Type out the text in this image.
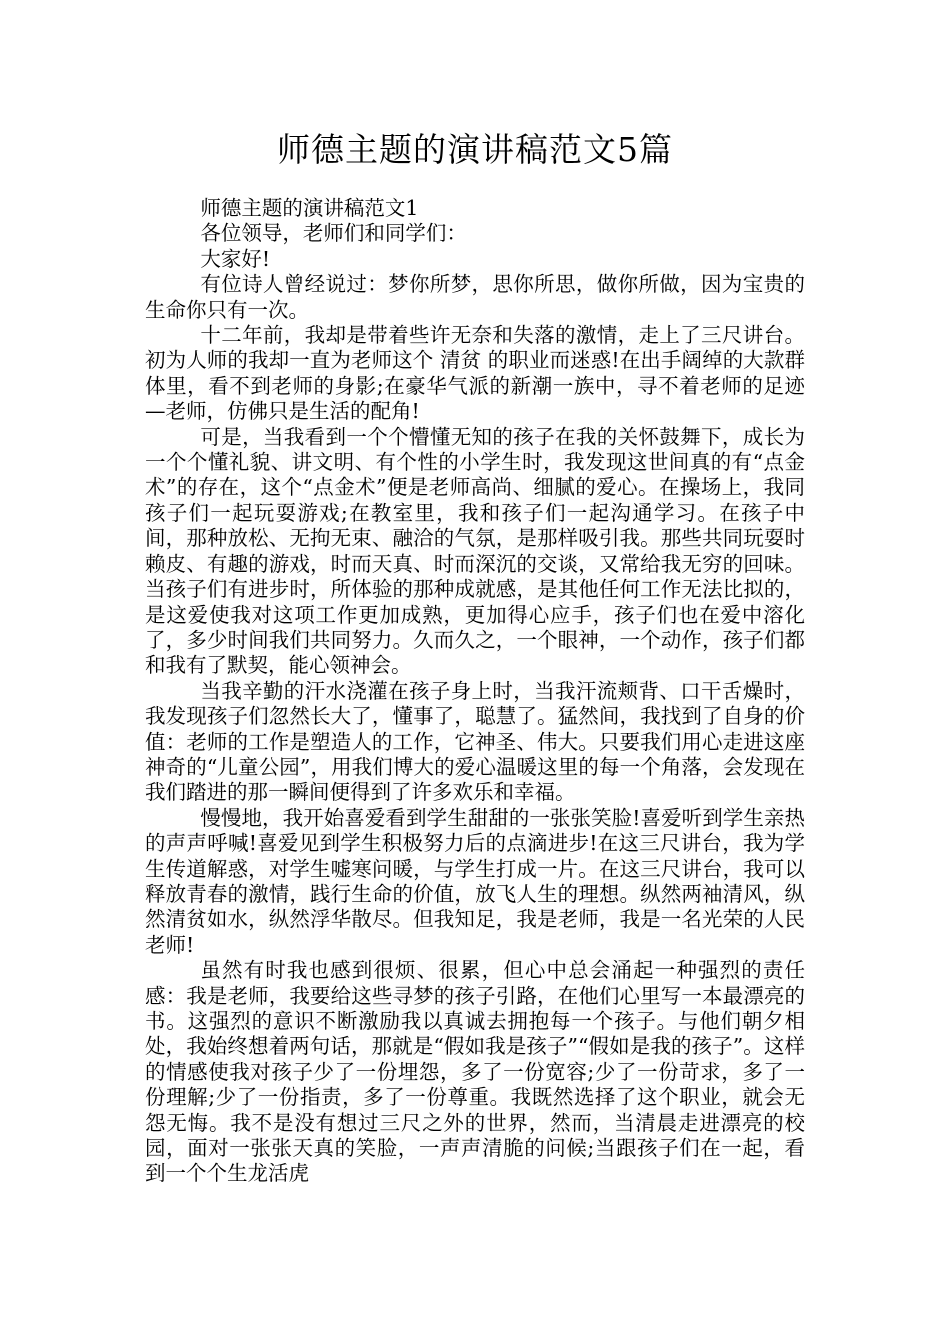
师德主题的演讲稿范文5篇

师德主题的演讲稿范文1

各位领导，老师们和同学们：

大家好!

有位诗人曾经说过：梦你所梦，思你所思，做你所做，因为宝贵的生命你只有一次。

十二年前，我却是带着些许无奈和失落的激情，走上了三尺讲台。初为人师的我却一直为老师这个 清贫 的职业而迷惑!在出手阔绰的大款群体里，看不到老师的身影;在豪华气派的新潮一族中，寻不着老师的足迹—老师，仿佛只是生活的配角!

可是，当我看到一个个懵懂无知的孩子在我的关怀鼓舞下，成长为一个个懂礼貌、讲文明、有个性的小学生时，我发现这世间真的有“点金术”的存在，这个“点金术”便是老师高尚、细腻的爱心。在操场上，我同孩子们一起玩耍游戏;在教室里，我和孩子们一起沟通学习。在孩子中间，那种放松、无拘无束、融洽的气氛，是那样吸引我。那些共同玩耍时赖皮、有趣的游戏，时而天真、时而深沉的交谈，又常给我无穷的回味。当孩子们有进步时，所体验的那种成就感，是其他任何工作无法比拟的，是这爱使我对这项工作更加成熟，更加得心应手，孩子们也在爱中溶化了，多少时间我们共同努力。久而久之，一个眼神，一个动作，孩子们都和我有了默契，能心领神会。

当我辛勤的汗水浇灌在孩子身上时，当我汗流颊背、口干舌燥时，我发现孩子们忽然长大了，懂事了，聪慧了。猛然间，我找到了自身的价值：老师的工作是塑造人的工作，它神圣、伟大。只要我们用心走进这座神奇的“儿童公园”，用我们博大的爱心温暖这里的每一个角落，会发现在我们踏进的那一瞬间便得到了许多欢乐和幸福。

慢慢地，我开始喜爱看到学生甜甜的一张张笑脸!喜爱听到学生亲热的声声呼喊!喜爱见到学生积极努力后的点滴进步!在这三尺讲台，我为学生传道解惑，对学生嘘寒问暖，与学生打成一片。在这三尺讲台，我可以释放青春的激情，践行生命的价值，放飞人生的理想。纵然两袖清风，纵然清贫如水，纵然浮华散尽。但我知足，我是老师，我是一名光荣的人民老师!

虽然有时我也感到很烦、很累，但心中总会涌起一种强烈的责任感：我是老师，我要给这些寻梦的孩子引路，在他们心里写一本最漂亮的书。这强烈的意识不断激励我以真诚去拥抱每一个孩子。与他们朝夕相处，我始终想着两句话，那就是“假如我是孩子”“假如是我的孩子”。这样的情感使我对孩子少了一份埋怨，多了一份宽容;少了一份苛求，多了一份理解;少了一份指责，多了一份尊重。我既然选择了这个职业，就会无怨无悔。我不是没有想过三尺之外的世界，然而，当清晨走进漂亮的校园，面对一张张天真的笑脸，一声声清脆的问候;当跟孩子们在一起，看到一个个生龙活虎
